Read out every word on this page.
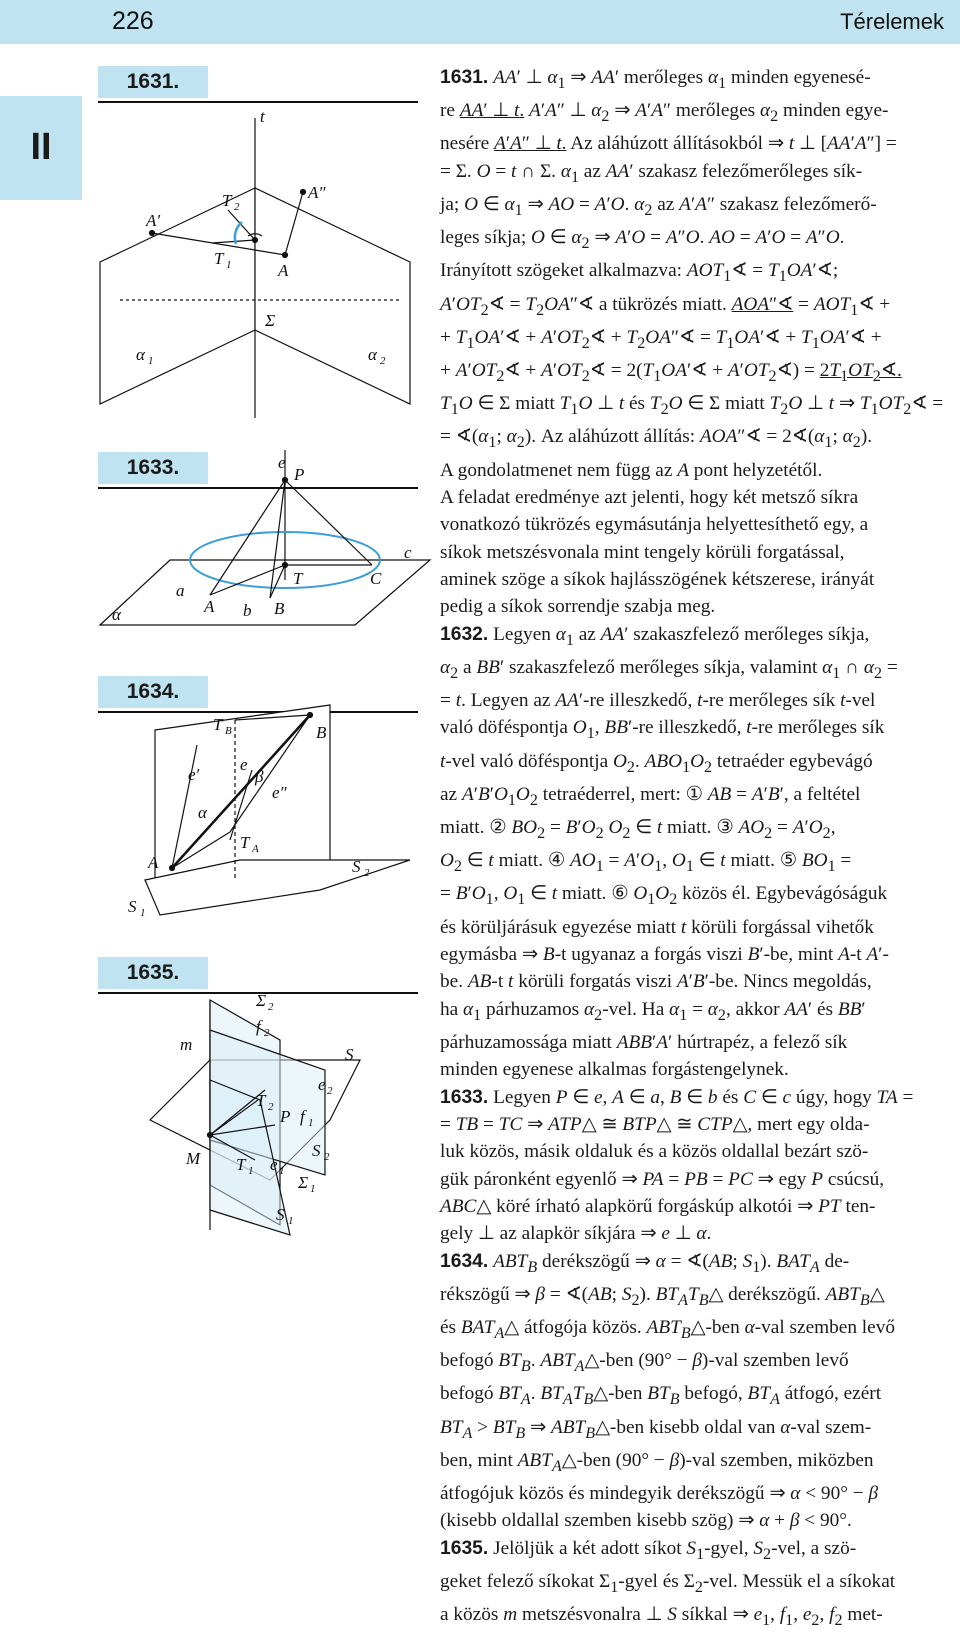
226	Térelemek
II
1631.
1633.
1634.
1635.
t
A′
A″
A
T 1
T 2
Σ
α 1	α 2
e
P
c
α
a
A b B
T	C
T B	B
e′
e
β
e″
α
T A
A	S 2
S 1
Σ 2
f 2
m
S
e 2
T 2 P f 1
M T 1 e 1
S 2
Σ 1
S 1

1631. AA′ ⊥ $\alpha_1$ ⇒ AA′ merőleges $\alpha_1$ minden egyenesé-

re AA′ ⊥ t. A′A″ ⊥ $\alpha_2$ ⇒ A′A″ merőleges $\alpha_2$ minden egye-

nesére A′A″ ⊥ t. Az aláhúzott állításokból ⇒ t ⊥ [AA′A″] =

= Σ. O = t ∩ Σ. $\alpha_1$ az AA′ szakasz felezőmerőleges sík-

ja; O ∈ $\alpha_1$ ⇒ AO = A′O. $\alpha_2$ az A′A″ szakasz felezőmerő-

leges síkja; O ∈ $\alpha_2$ ⇒ A′O = A″O. AO = A′O = A″O.

Irányított szögeket alkalmazva: $AOT_1∢$ = $T_1OA'∢$;

$A'OT_2∢$ = $T_2OA''∢$ a tükrözés miatt. AOA″∢ = $AOT_1∢$ +

+ $T_1OA'∢$ + $A'OT_2∢$ + $T_2OA''∢$ = $T_1OA'∢$ + $T_1OA'∢$ +

+ $A'OT_2∢$ + $A'OT_2∢$ = $2(T_1OA'∢$ + $A'OT_2∢$) = $2T_1OT_2∢$.

$T_1O$ ∈ Σ miatt $T_1O$ ⊥ t és $T_2O$ ∈ Σ miatt $T_2O$ ⊥ t ⇒ $T_1OT_2∢$ =

= $∢(\alpha_1$; $\alpha_2$). Az aláhúzott állítás: AOA″∢ = $2∢(\alpha_1$; $\alpha_2$).

A gondolatmenet nem függ az A pont helyzetétől.

A feladat eredménye azt jelenti, hogy két metsző síkra

vonatkozó tükrözés egymásutánja helyettesíthető egy, a

síkok metszésvonala mint tengely körüli forgatással,

aminek szöge a síkok hajlásszögének kétszerese, irányát

pedig a síkok sorrendje szabja meg.

1632. Legyen $\alpha_1$ az AA′ szakaszfelező merőleges síkja,

$\alpha_2$ a BB′ szakaszfelező merőleges síkja, valamint $\alpha_1$ ∩ $\alpha_2$ =

= t. Legyen az AA′-re illeszkedő, t-re merőleges sík t-vel

való döféspontja $O_1$, BB′-re illeszkedő, t-re merőleges sík

t-vel való döféspontja $O_2$. $ABO_1O_2$ tetraéder egybevágó

az $A'B'O_1O_2$ tetraéderrel, mert: ① AB = A′B′, a feltétel

miatt. ② $BO_2 = B'O_2$ $O_2$ ∈ t miatt. ③ $AO_2 = A'O_2$,

$O_2$ ∈ t miatt. ④ $AO_1 = A'O_1$, $O_1$ ∈ t miatt. ⑤ $BO_1$ =

= $B'O_1$, $O_1$ ∈ t miatt. ⑥ $O_1O_2$ közös él. Egybevágóságuk

és körüljárásuk egyezése miatt t körüli forgással vihetők

egymásba ⇒ B-t ugyanaz a forgás viszi B′-be, mint A-t A′-

be. AB-t t körüli forgatás viszi A′B′-be. Nincs megoldás,

ha $\alpha_1$ párhuzamos $\alpha_2$-vel. Ha $\alpha_1 = \alpha_2$, akkor AA′ és BB′

párhuzamossága miatt ABB′A′ húrtrapéz, a felező sík

minden egyenese alkalmas forgástengelynek.

1633. Legyen P ∈ e, A ∈ a, B ∈ b és C ∈ c úgy, hogy TA =

= TB = TC ⇒ ATP△ ≅ BTP△ ≅ CTP△, mert egy olda-

luk közös, másik oldaluk és a közös oldallal bezárt szö-

gük páronként egyenlő ⇒ PA = PB = PC ⇒ egy P csúcsú,

ABC△ köré írható alapkörű forgáskúp alkotói ⇒ PT ten-

gely ⊥ az alapkör síkjára ⇒ e ⊥ α.

1634. $ABT_B$ derékszögű ⇒ α = ∢(AB; $S_1$). $BAT_A$ de-

rékszögű ⇒ β = ∢(AB; $S_2$). $BT_AT_B\triangle$ derékszögű. $ABT_B\triangle$

és $BAT_A\triangle$ átfogója közös. $ABT_B\triangle$-ben α-val szemben levő

befogó $BT_B$. $ABT_A\triangle$-ben (90° − β)-val szemben levő

befogó $BT_A$. $BT_AT_B\triangle$-ben $BT_B$ befogó, $BT_A$ átfogó, ezért

$BT_A > BT_B$ ⇒ $ABT_B\triangle$-ben kisebb oldal van α-val szem-

ben, mint $ABT_A\triangle$-ben (90° − β)-val szemben, miközben

átfogójuk közös és mindegyik derékszögű ⇒ α < 90° − β

(kisebb oldallal szemben kisebb szög) ⇒ α + β < 90°.

1635. Jelöljük a két adott síkot $S_1$-gyel, $S_2$-vel, a szö-

geket felező síkokat $\Sigma_1$-gyel és $\Sigma_2$-vel. Messük el a síkokat

a közös m metszésvonalra ⊥ S síkkal ⇒ $e_1$, $f_1$, $e_2$, $f_2$ met-
